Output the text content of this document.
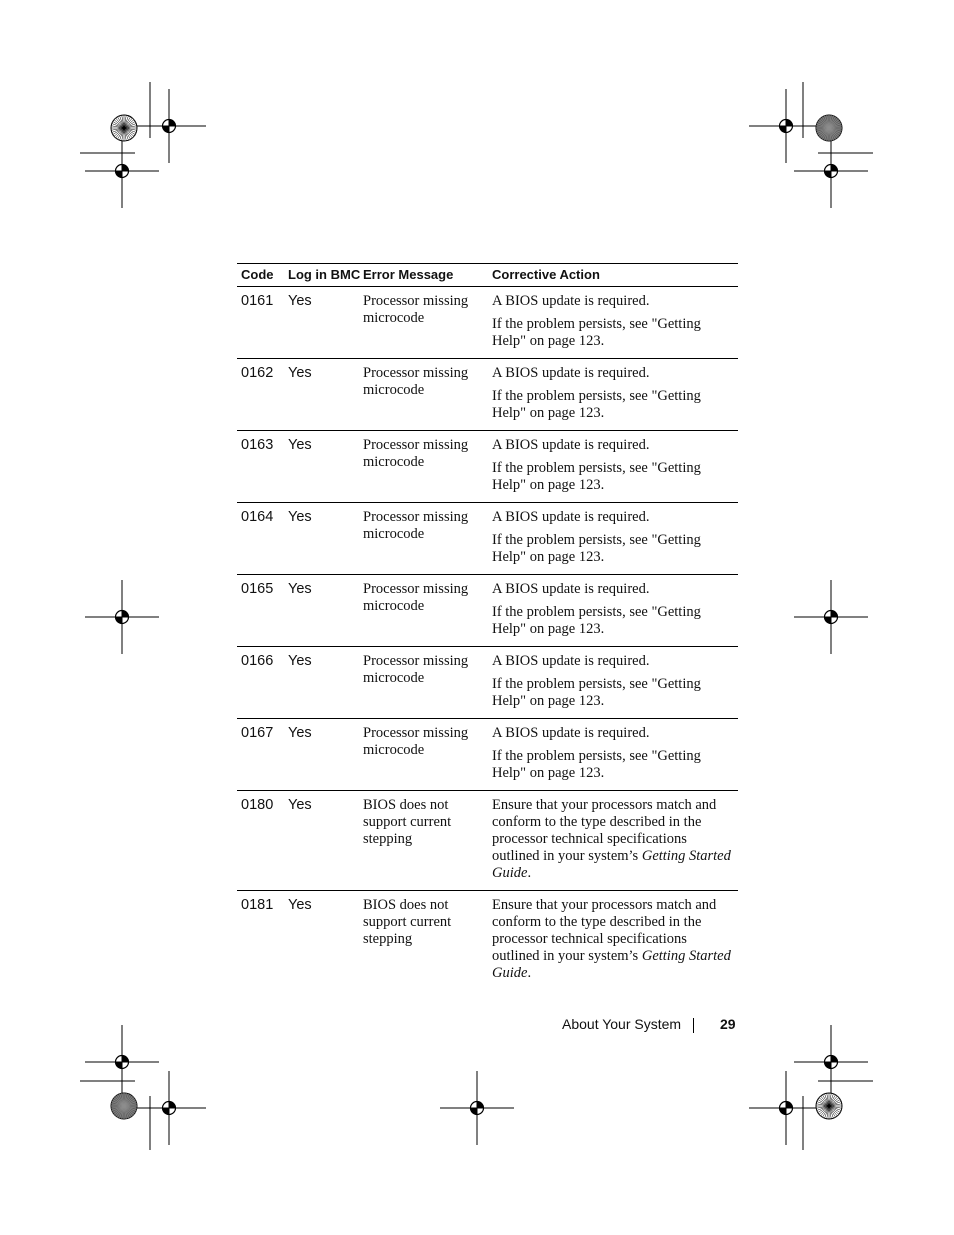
Code	Log in BMC	Error Message	Corrective Action
0161	Yes	Processor missing microcode	A BIOS update is required.

If the problem persists, see "Getting Help" on page 123.

0162	Yes	Processor missing microcode	A BIOS update is required.

If the problem persists, see "Getting Help" on page 123.

0163	Yes	Processor missing microcode	A BIOS update is required.

If the problem persists, see "Getting Help" on page 123.

0164	Yes	Processor missing microcode	A BIOS update is required.

If the problem persists, see "Getting Help" on page 123.

0165	Yes	Processor missing microcode	A BIOS update is required.

If the problem persists, see "Getting Help" on page 123.

0166	Yes	Processor missing microcode	A BIOS update is required.

If the problem persists, see "Getting Help" on page 123.

0167	Yes	Processor missing microcode	A BIOS update is required.

If the problem persists, see "Getting Help" on page 123.

0180	Yes	BIOS does not support current stepping	Ensure that your processors match and conform to the type described in the processor technical specifications outlined in your system’s Getting Started Guide.
0181	Yes	BIOS does not support current stepping	Ensure that your processors match and conform to the type described in the processor technical specifications outlined in your system’s Getting Started Guide.
About Your System	29
